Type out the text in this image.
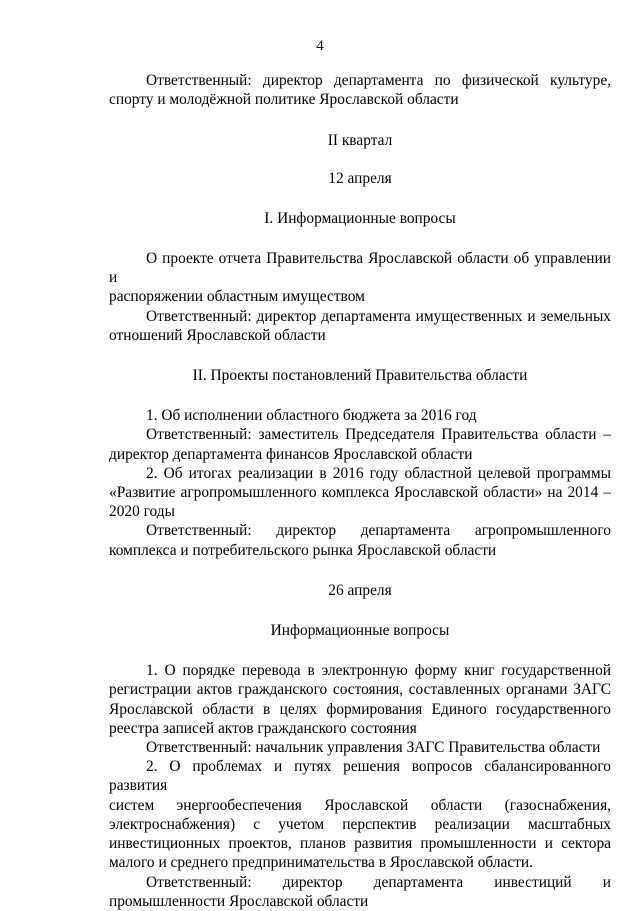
4

Ответственный: директор департамента по физической культуре,

спорту и молодёжной политике Ярославской области

II квартал

12 апреля

I. Информационные вопросы

О проекте отчета Правительства Ярославской области об управлении и

распоряжении областным имуществом

Ответственный: директор департамента имущественных и земельных

отношений Ярославской области

II. Проекты постановлений Правительства области

1. Об исполнении областного бюджета за 2016 год

Ответственный: заместитель Председателя Правительства области –

директор департамента финансов Ярославской области

2. Об итогах реализации в 2016 году областной целевой программы

«Развитие агропромышленного комплекса Ярославской области» на 2014 –

2020 годы

Ответственный: директор департамента агропромышленного

комплекса и потребительского рынка Ярославской области

26 апреля

Информационные вопросы

1. О порядке перевода в электронную форму книг государственной

регистрации актов гражданского состояния, составленных органами ЗАГС

Ярославской области в целях формирования Единого государственного

реестра записей актов гражданского состояния

Ответственный: начальник управления ЗАГС Правительства области

2. О проблемах и путях решения вопросов сбалансированного развития

систем энергообеспечения Ярославской области (газоснабжения,

электроснабжения) с учетом перспектив реализации масштабных

инвестиционных проектов, планов развития промышленности и сектора

малого и среднего предпринимательства в Ярославской области.

Ответственный: директор департамента инвестиций и

промышленности Ярославской области
